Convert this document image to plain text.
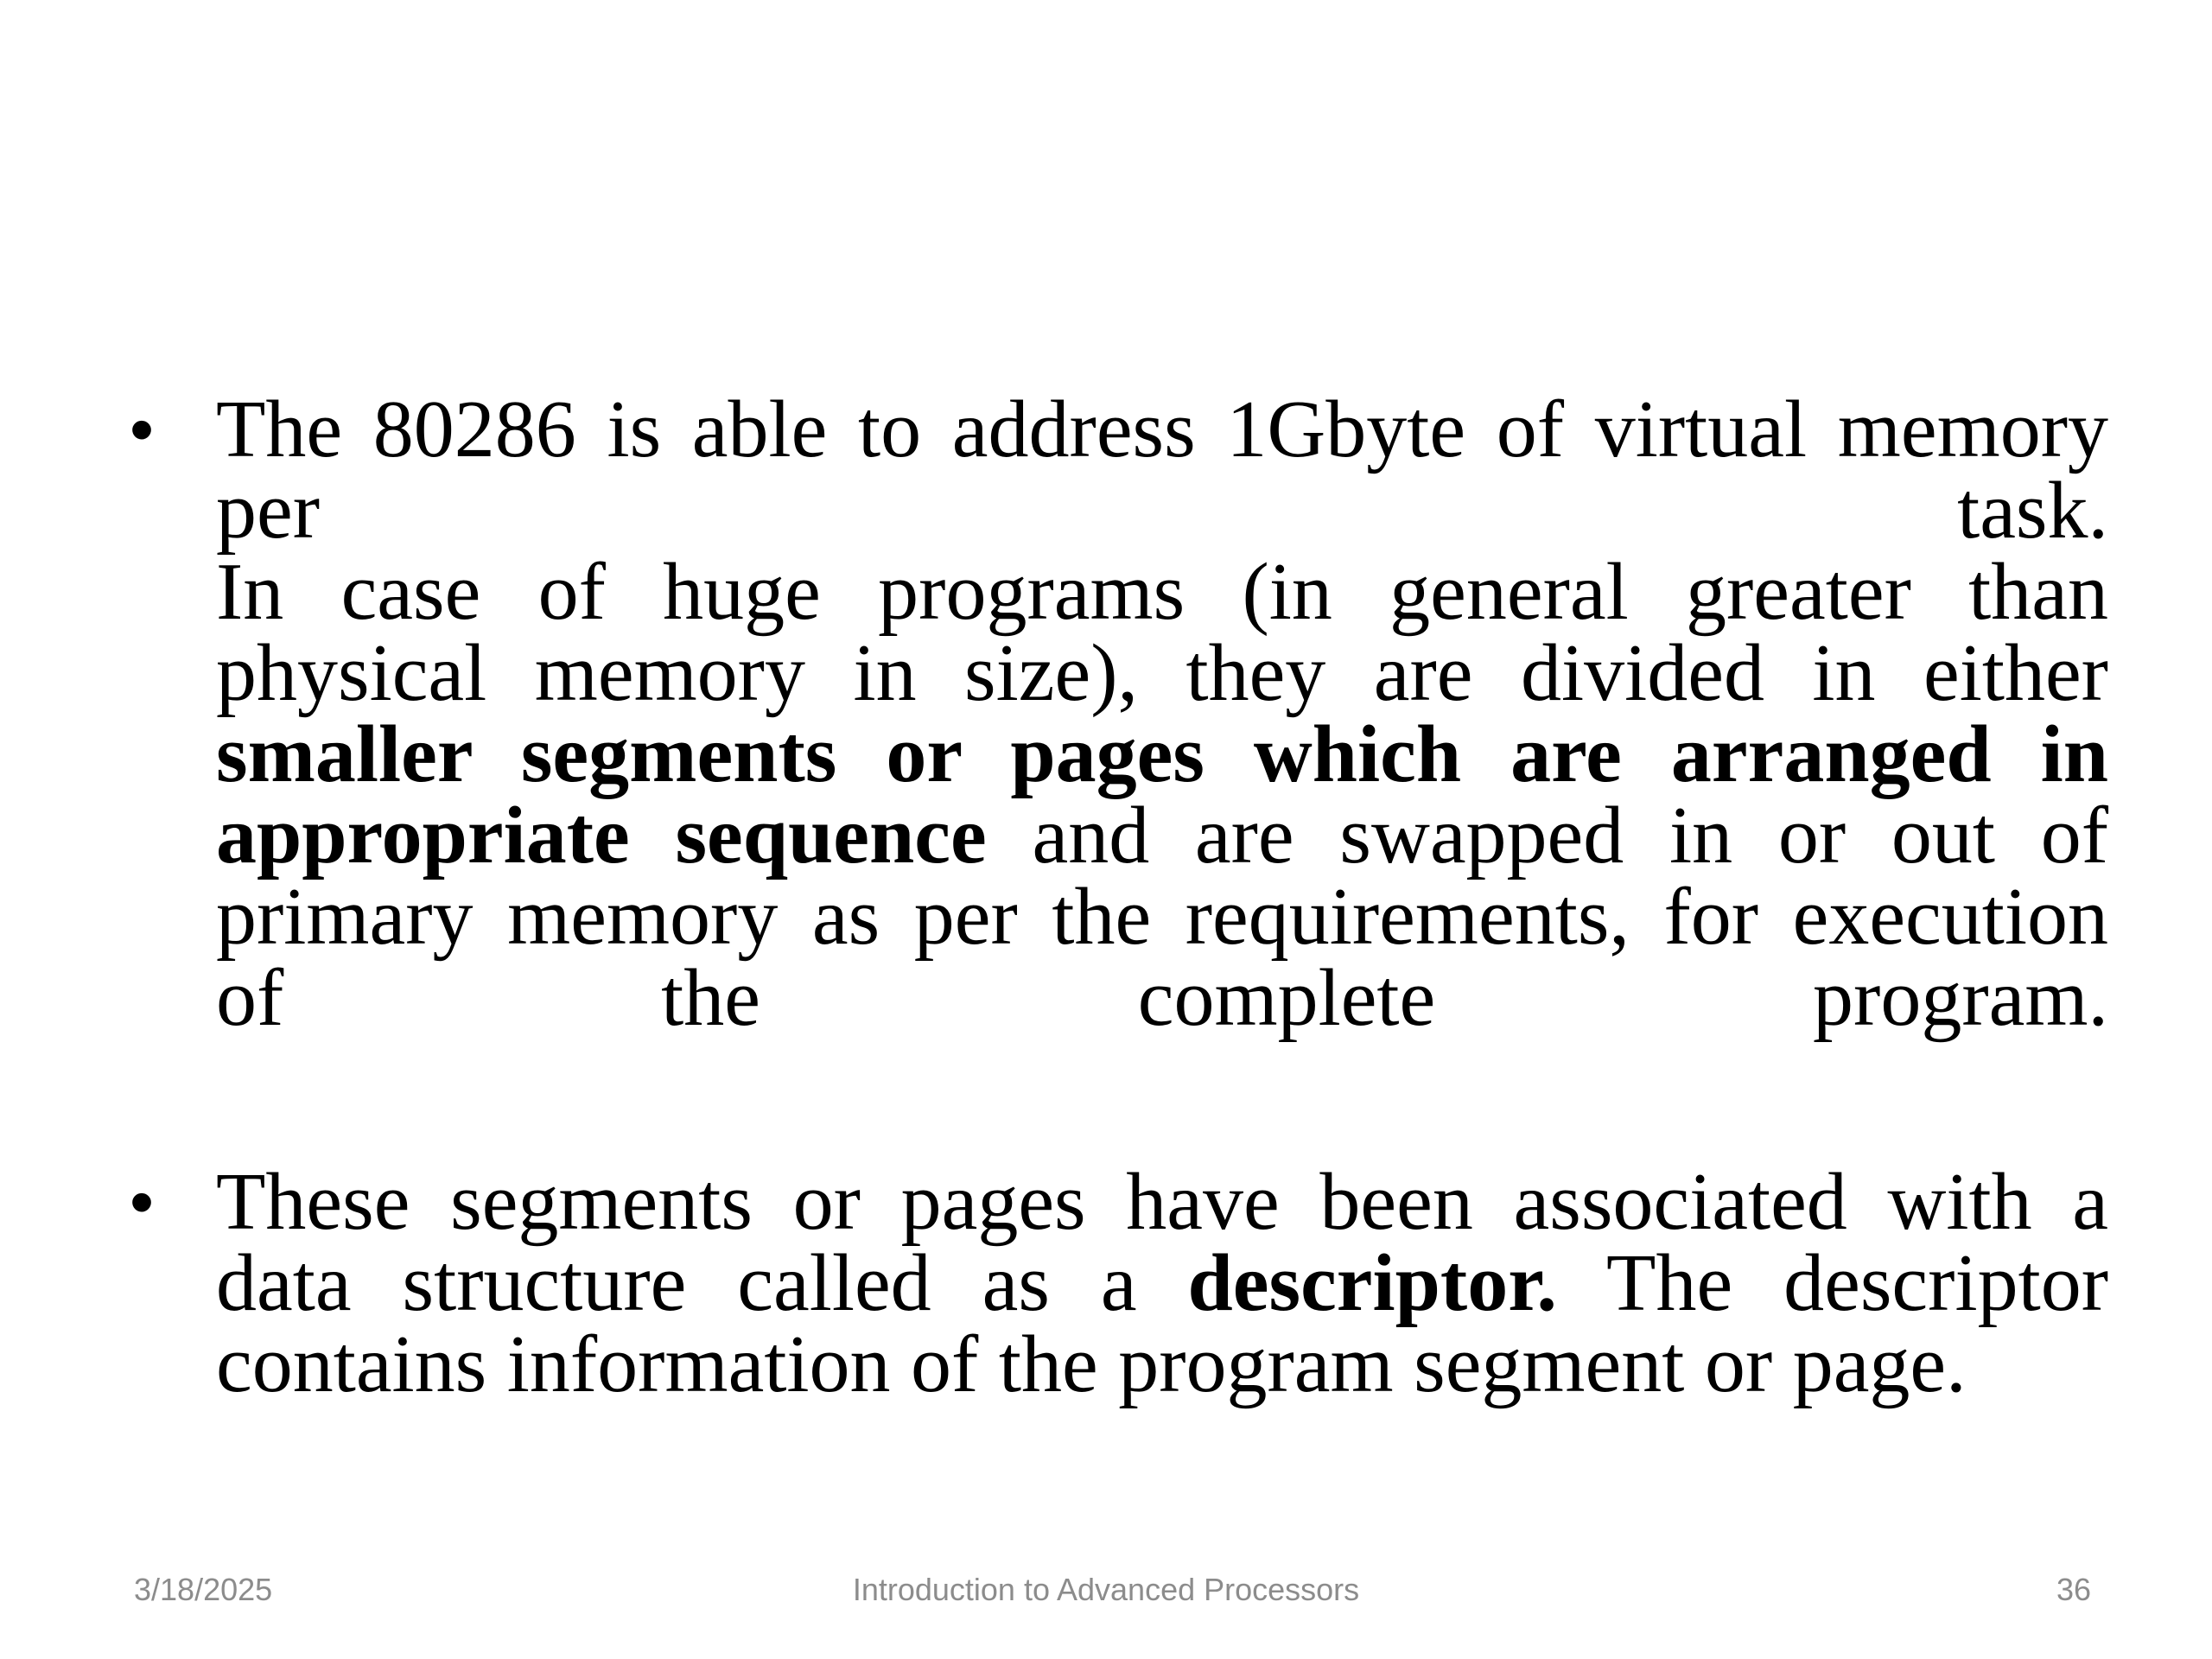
• The 80286 is able to address 1Gbyte of virtual memory
per task.
In case of huge programs (in general greater than
physical memory in size), they are divided in either
smaller segments or pages which are arranged in
appropriate sequence and are swapped in or out of
primary memory as per the requirements, for execution
of the complete program.
• These segments or pages have been associated with a
data structure called as a descriptor. The descriptor
contains information of the program segment or page.
3/18/2025	Introduction to Advanced Processors	36
